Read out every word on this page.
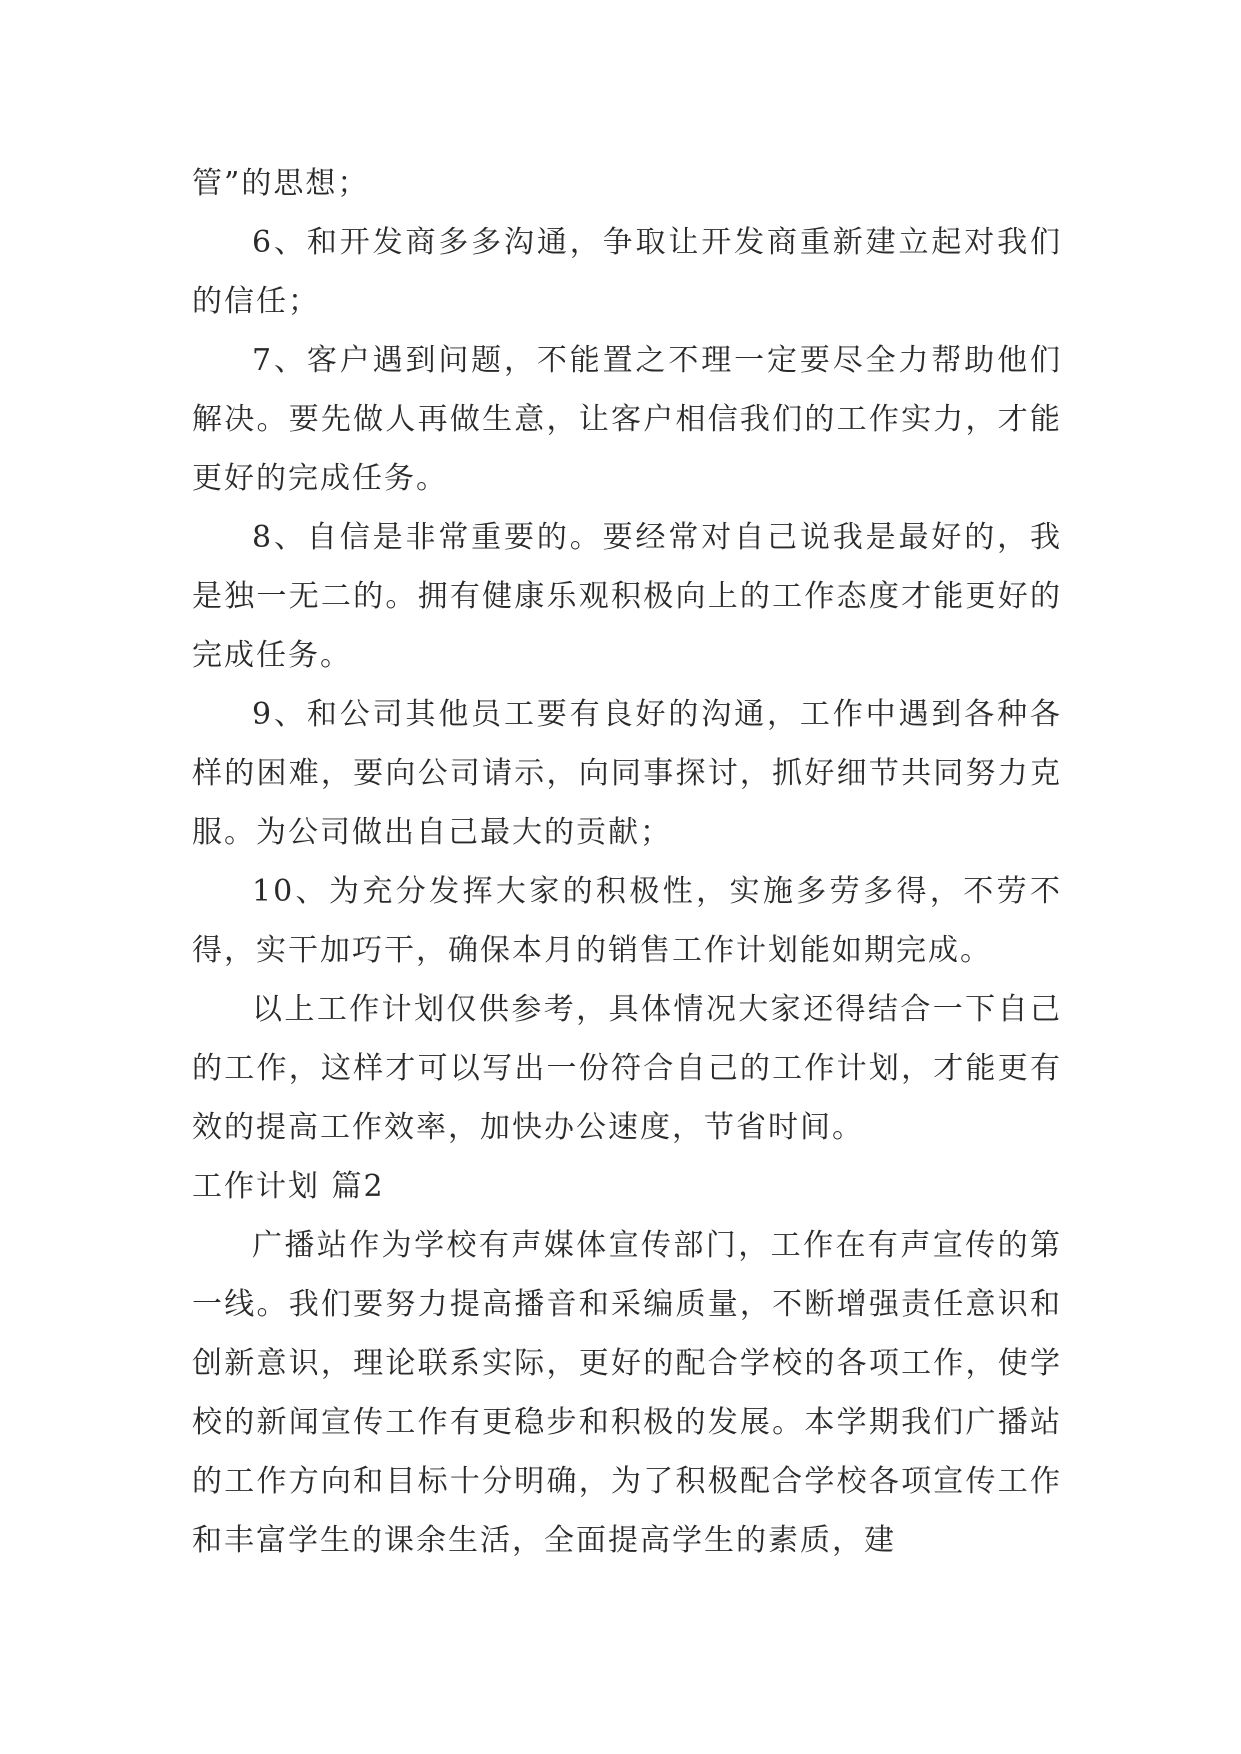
管”的思想；

6、和开发商多多沟通，争取让开发商重新建立起对我们的信任；

7、客户遇到问题，不能置之不理一定要尽全力帮助他们解决。要先做人再做生意，让客户相信我们的工作实力，才能更好的完成任务。

8、自信是非常重要的。要经常对自己说我是最好的，我是独一无二的。拥有健康乐观积极向上的工作态度才能更好的完成任务。

9、和公司其他员工要有良好的沟通，工作中遇到各种各样的困难，要向公司请示，向同事探讨，抓好细节共同努力克服。为公司做出自己最大的贡献；

10、为充分发挥大家的积极性，实施多劳多得，不劳不得，实干加巧干，确保本月的销售工作计划能如期完成。

以上工作计划仅供参考，具体情况大家还得结合一下自己的工作，这样才可以写出一份符合自己的工作计划，才能更有效的提高工作效率，加快办公速度，节省时间。

工作计划 篇2

广播站作为学校有声媒体宣传部门，工作在有声宣传的第一线。我们要努力提高播音和采编质量，不断增强责任意识和创新意识，理论联系实际，更好的配合学校的各项工作，使学校的新闻宣传工作有更稳步和积极的发展。本学期我们广播站的工作方向和目标十分明确，为了积极配合学校各项宣传工作和丰富学生的课余生活，全面提高学生的素质，建
